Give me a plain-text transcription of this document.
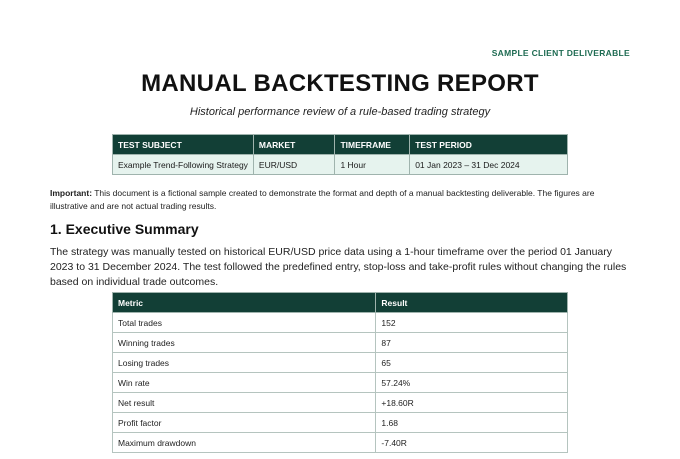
SAMPLE CLIENT DELIVERABLE
MANUAL BACKTESTING REPORT
Historical performance review of a rule-based trading strategy
TEST SUBJECT	MARKET	TIMEFRAME	TEST PERIOD
Example Trend-Following Strategy	EUR/USD	1 Hour	01 Jan 2023 – 31 Dec 2024
Important: This document is a fictional sample created to demonstrate the format and depth of a manual backtesting deliverable. The figures are illustrative and are not actual trading results.
1. Executive Summary
The strategy was manually tested on historical EUR/USD price data using a 1-hour timeframe over the period 01 January 2023 to 31 December 2024. The test followed the predefined entry, stop-loss and take-profit rules without changing the rules based on individual trade outcomes.
Metric	Result
Total trades	152
Winning trades	87
Losing trades	65
Win rate	57.24%
Net result	+18.60R
Profit factor	1.68
Maximum drawdown	-7.40R
